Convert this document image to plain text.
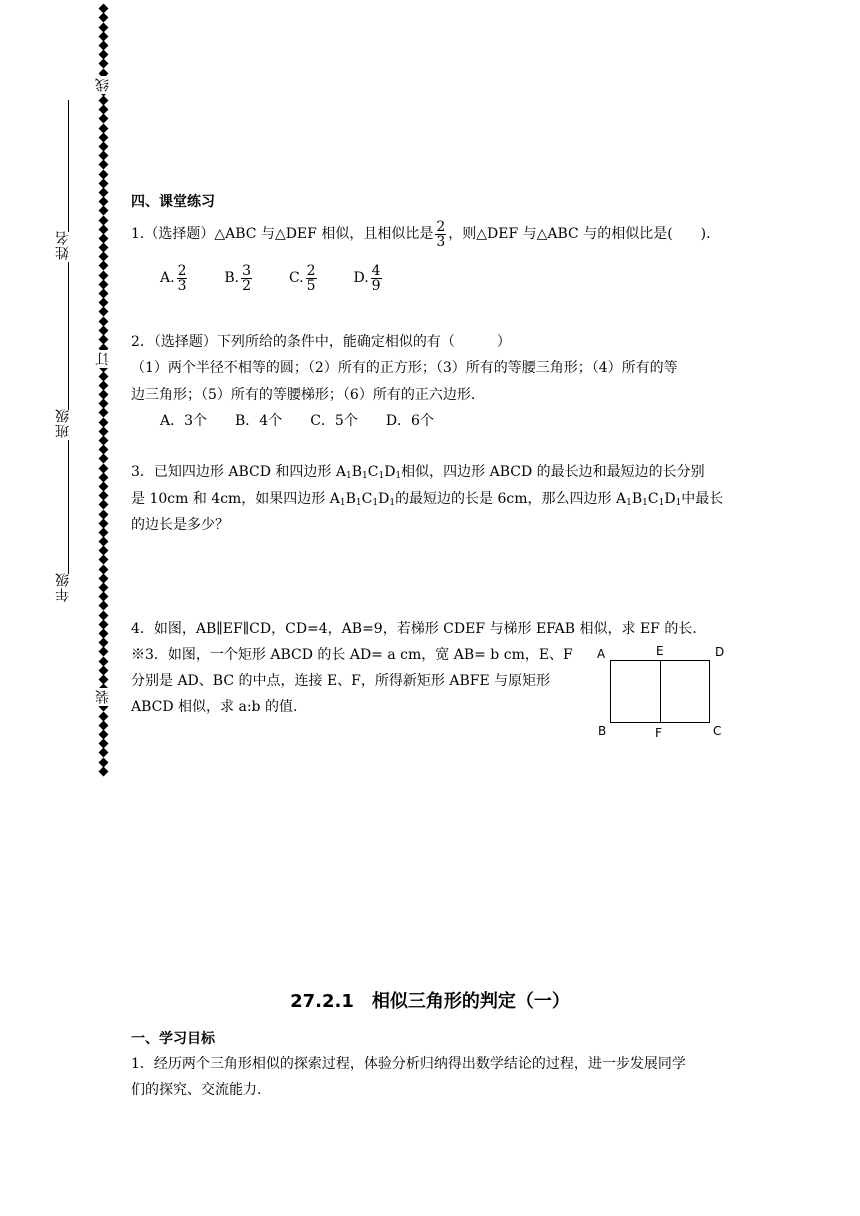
线
订
装
姓名
班级
年级
四、课堂练习
1.（选择题）△ABC 与△DEF 相似，且相似比是 $\frac{2}{3}$ ，则△DEF 与△ABC 与的相似比是(　　).
A. $\frac{2}{3}$	B. $\frac{3}{2}$	C. $\frac{2}{5}$	D. $\frac{4}{9}$
2．（选择题）下列所给的条件中，能确定相似的有（　　　）
（1）两个半径不相等的圆；（2）所有的正方形；（3）所有的等腰三角形；（4）所有的等
边三角形；（5）所有的等腰梯形；（6）所有的正六边形.
A．3个　　B．4个　　C．5个　　D．6个
3．已知四边形 ABCD 和四边形 $A_1B_1C_1D_1$相似，四边形 ABCD 的最长边和最短边的长分别
是 10cm 和 4cm，如果四边形 $A_1B_1C_1D_1$的最短边的长是 6cm，那么四边形 $A_1B_1C_1D_1$中最长
的边长是多少？
4．如图，AB∥EF∥CD，CD=4，AB=9，若梯形 CDEF 与梯形 EFAB 相似，求 EF 的长.
※3．如图，一个矩形 ABCD 的长 AD= a cm，宽 AB= b cm，E、F
分别是 AD、BC 的中点，连接 E、F，所得新矩形 ABFE 与原矩形
ABCD 相似，求 a:b 的值.
A	E	D
B	F	C
27.2.1　相似三角形的判定（一）
一、学习目标
1．经历两个三角形相似的探索过程，体验分析归纳得出数学结论的过程，进一步发展同学
们的探究、交流能力.
